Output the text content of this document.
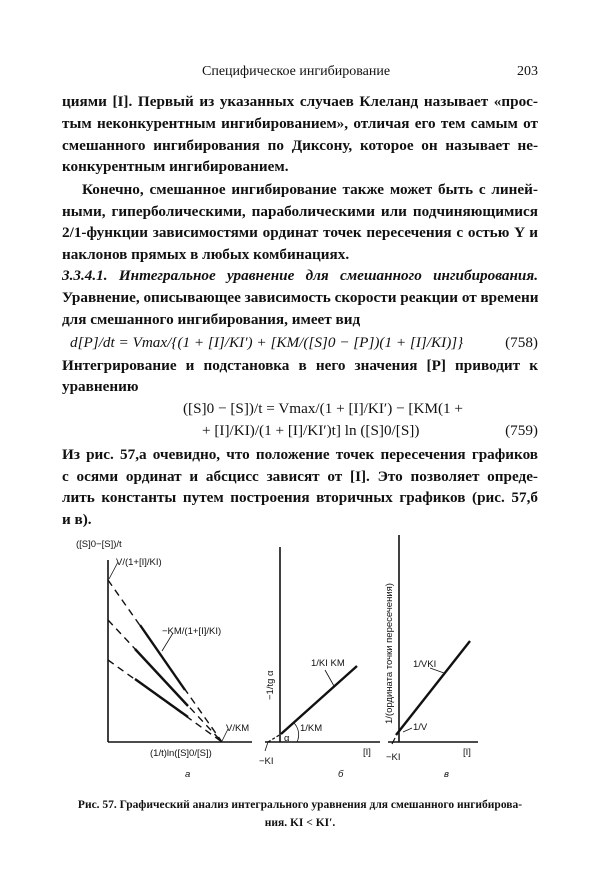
Специфическое ингибирование	203
циями [I]. Первый из указанных случаев Клеланд называет «прос-
тым неконкурентным ингибированием», отличая его тем самым от
смешанного ингибирования по Диксону, которое он называет не-
конкурентным ингибированием.
Конечно, смешанное ингибирование также может быть с линей-
ными, гиперболическими, параболическими или подчиняющимися
2/1-функции зависимостями ординат точек пересечения с остью Y и
наклонов прямых в любых комбинациях.
3.3.4.1. Интегральное уравнение для смешанного ингибирования.
Уравнение, описывающее зависимость скорости реакции от времени
для смешанного ингибирования, имеет вид
d[P]/dt = Vmax/{(1 + [I]/KI′) + [KM/([S]0 − [P])(1 + [I]/KI)]}	(758)
Интегрирование и подстановка в него значения [P] приводит к
уравнению
([S]0 − [S])/t = Vmax/(1 + [I]/KI′) − [KM(1 +
+ [I]/KI)/(1 + [I]/KI′)t] ln ([S]0/[S])	(759)
Из рис. 57,а очевидно, что положение точек пересечения графиков
с осями ординат и абсцисс зависят от [I]. Это позволяет опреде-
лить константы путем построения вторичных графиков (рис. 57,б
и в).
([S]0−[S])/t
V/(1+[I]/KI)
−KM/(1+[I]/KI)
V/KM
(1/t)ln([S]0/[S])
а
−1/tg α
1/KI KM
1/KM
α
−KI
[I]
б
1/(ордината точки пересечения) 1/VKI
1/V
−KI	[I]
в
Рис. 57. Графический анализ интегрального уравнения для смешанного ингибирова-
ния. KI < KI′.
